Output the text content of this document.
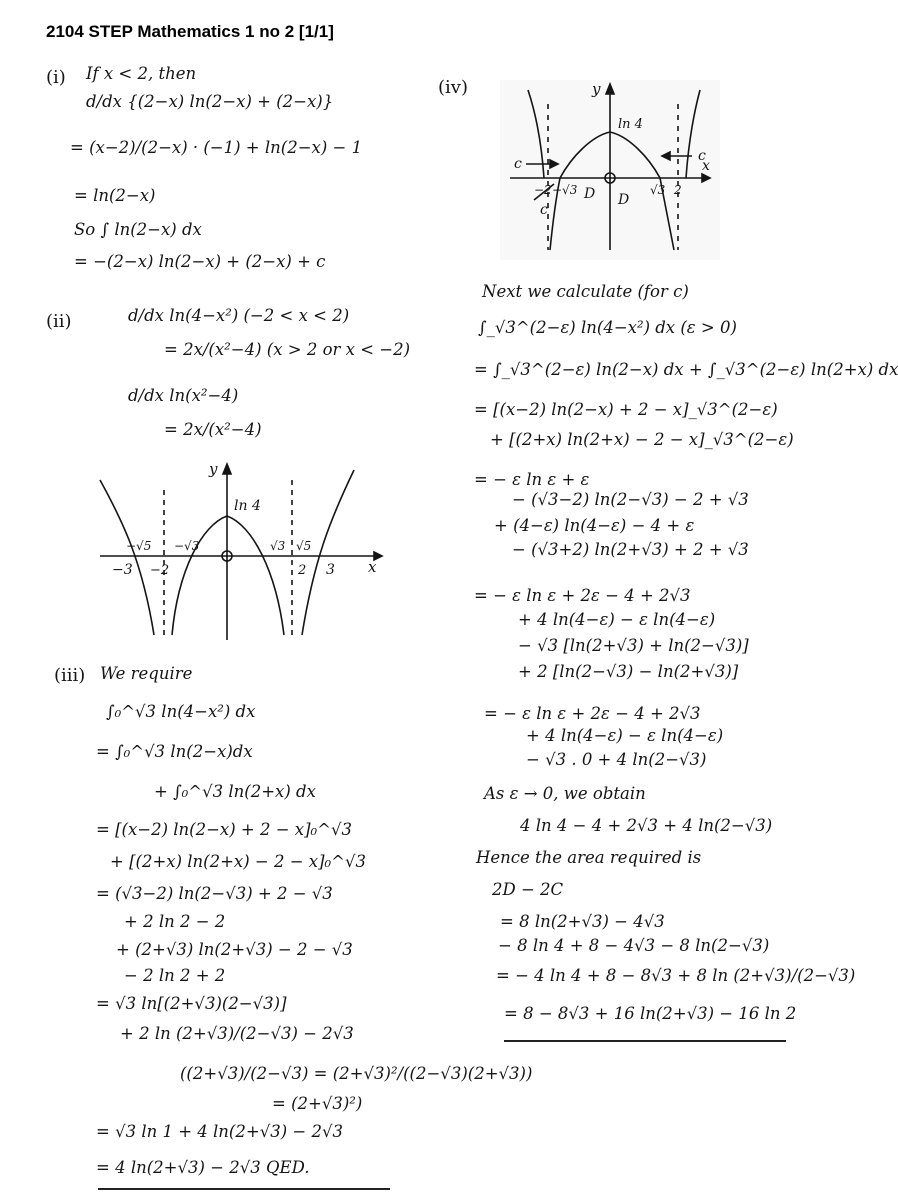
2104 STEP Mathematics 1 no 2 [1/1]
(i) If x < 2, then
d/dx {(2−x) ln(2−x) + (2−x)}
= (x−2)/(2−x) · (−1) + ln(2−x) − 1
= ln(2−x)
So ∫ ln(2−x) dx
= −(2−x) ln(2−x) + (2−x) + c
(ii)	d/dx ln(4−x²) (−2 < x < 2)
= 2x/(x²−4) (x > 2 or x < −2)
d/dx ln(x²−4)
= 2x/(x²−4)
(iii) We require
∫₀^√3 ln(4−x²) dx
= ∫₀^√3 ln(2−x)dx
+ ∫₀^√3 ln(2+x) dx
= [(x−2) ln(2−x) + 2 − x]₀^√3
+ [(2+x) ln(2+x) − 2 − x]₀^√3
= (√3−2) ln(2−√3) + 2 − √3
+ 2 ln 2 − 2
+ (2+√3) ln(2+√3) − 2 − √3
− 2 ln 2 + 2
= √3 ln[(2+√3)(2−√3)]
+ 2 ln (2+√3)/(2−√3) − 2√3
((2+√3)/(2−√3) = (2+√3)²/((2−√3)(2+√3))
= (2+√3)²)
= √3 ln 1 + 4 ln(2+√3) − 2√3
= 4 ln(2+√3) − 2√3 QED.
(iv)
Next we calculate (for c)
∫_√3^(2−ε) ln(4−x²) dx (ε > 0)
= ∫_√3^(2−ε) ln(2−x) dx + ∫_√3^(2−ε) ln(2+x) dx
= [(x−2) ln(2−x) + 2 − x]_√3^(2−ε)
+ [(2+x) ln(2+x) − 2 − x]_√3^(2−ε)
= − ε ln ε + ε
− (√3−2) ln(2−√3) − 2 + √3
+ (4−ε) ln(4−ε) − 4 + ε
− (√3+2) ln(2+√3) + 2 + √3
= − ε ln ε + 2ε − 4 + 2√3
+ 4 ln(4−ε) − ε ln(4−ε)
− √3 [ln(2+√3) + ln(2−√3)]
+ 2 [ln(2−√3) − ln(2+√3)]
= − ε ln ε + 2ε − 4 + 2√3
+ 4 ln(4−ε) − ε ln(4−ε)
− √3 . 0 + 4 ln(2−√3)
As ε → 0, we obtain
4 ln 4 − 4 + 2√3 + 4 ln(2−√3)
Hence the area required is
2D − 2C
= 8 ln(2+√3) − 4√3
− 8 ln 4 + 8 − 4√3 − 8 ln(2−√3)
= − 4 ln 4 + 8 − 8√3 + 8 ln (2+√3)/(2−√3)
= 8 − 8√3 + 16 ln(2+√3) − 16 ln 2
y
x
ln 4
−3 −2	2 3
−√5 −√3	√3 √5
y
x
ln 4
−2 −√3	√3 2
D D
c	c
c
